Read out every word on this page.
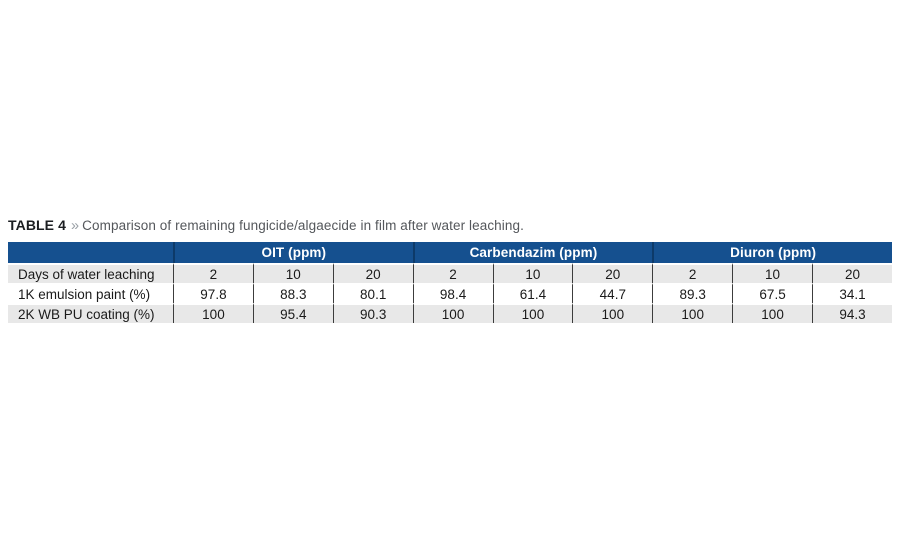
TABLE 4 » Comparison of remaining fungicide/algaecide in film after water leaching.
	OIT (ppm)			Carbendazim (ppm)			Diuron (ppm)		
Days of water leaching	2	10	20	2	10	20	2	10	20
1K emulsion paint (%)	97.8	88.3	80.1	98.4	61.4	44.7	89.3	67.5	34.1
2K WB PU coating (%)	100	95.4	90.3	100	100	100	100	100	94.3
